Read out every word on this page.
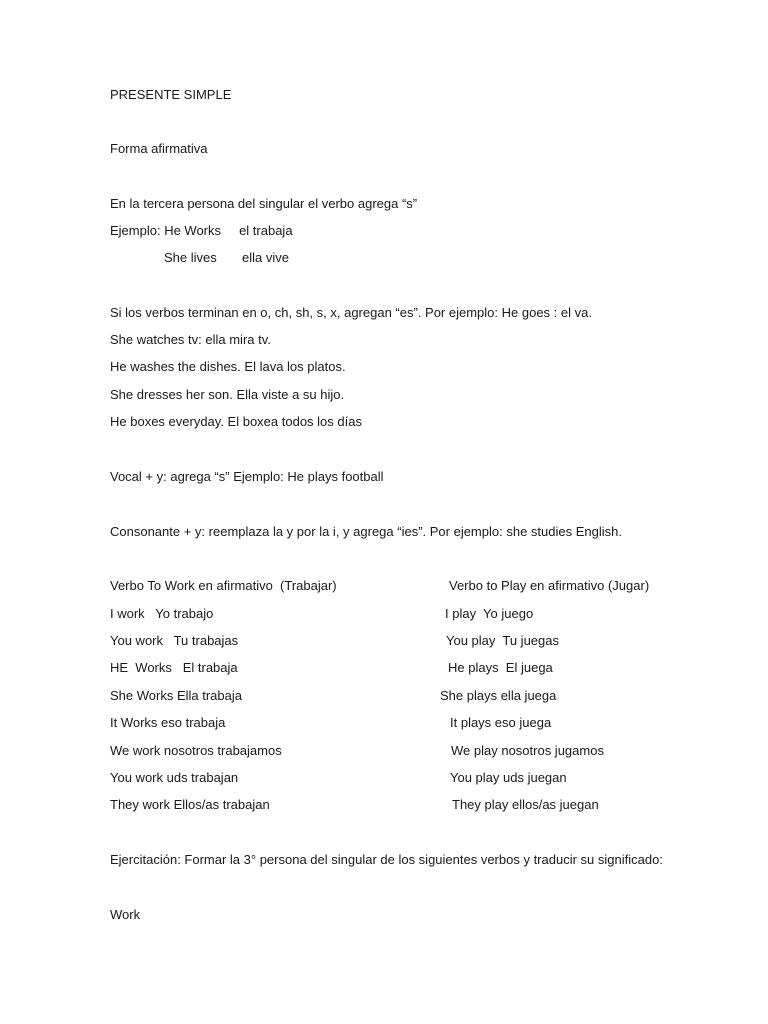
PRESENTE SIMPLE
Forma afirmativa
En la tercera persona del singular el verbo agrega “s”
Ejemplo: He Works     el trabaja
She lives       ella vive
Si los verbos terminan en o, ch, sh, s, x, agregan “es”. Por ejemplo: He goes : el va.
She watches tv: ella mira tv.
He washes the dishes. El lava los platos.
She dresses her son. Ella viste a su hijo.
He boxes everyday. El boxea todos los días
Vocal + y: agrega “s” Ejemplo: He plays football
Consonante + y: reemplaza la y por la i, y agrega “ies”. Por ejemplo: she studies English.
Verbo To Work en afirmativo  (Trabajar)	Verbo to Play en afirmativo (Jugar)
I work   Yo trabajo	I play  Yo juego
You work   Tu trabajas	You play  Tu juegas
HE  Works   El trabaja	He plays  El juega
She Works Ella trabaja	She plays ella juega
It Works eso trabaja	It plays eso juega
We work nosotros trabajamos	We play nosotros jugamos
You work uds trabajan	You play uds juegan
They work Ellos/as trabajan	They play ellos/as juegan
Ejercitación: Formar la 3° persona del singular de los siguientes verbos y traducir su significado:
Work
